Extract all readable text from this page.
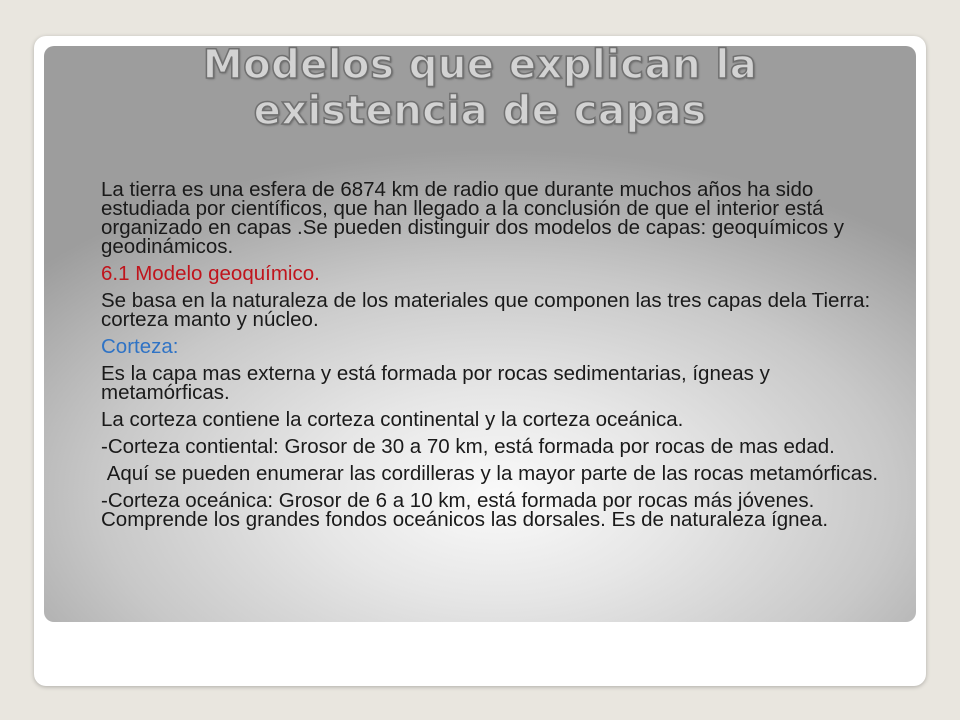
Modelos que explican la
existencia de capas

La tierra es una esfera de 6874 km de radio que durante muchos años ha sido estudiada por científicos, que han llegado a la conclusión de que el interior está organizado en capas .Se pueden distinguir dos modelos de capas: geoquímicos y geodinámicos.

6.1 Modelo geoquímico.

Se basa en la naturaleza de los materiales que componen las tres capas dela Tierra: corteza manto y núcleo.

Corteza:

Es la capa mas externa y está formada por rocas sedimentarias, ígneas y metamórficas.

La corteza contiene la corteza continental y la corteza oceánica.

-Corteza contiental: Grosor de 30 a 70 km, está formada por rocas de mas edad.

Aquí se pueden enumerar las cordilleras y la mayor parte de las rocas metamórficas.

-Corteza oceánica: Grosor de 6 a 10 km, está formada por rocas más jóvenes. Comprende los grandes fondos oceánicos las dorsales. Es de naturaleza ígnea.
